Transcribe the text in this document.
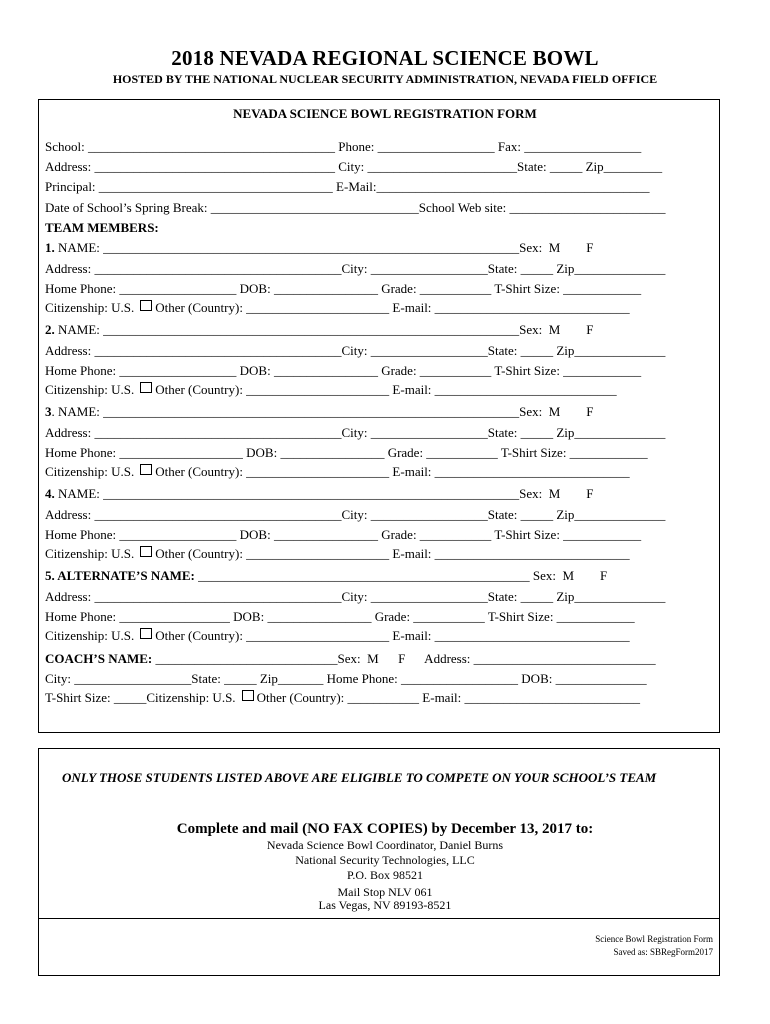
2018 NEVADA REGIONAL SCIENCE BOWL
HOSTED BY THE NATIONAL NUCLEAR SECURITY ADMINISTRATION, NEVADA FIELD OFFICE
NEVADA SCIENCE BOWL REGISTRATION FORM
School: ______________________________________ Phone: __________________ Fax: __________________
Address: _____________________________________ City: _______________________State: _____ Zip_________
Principal: ____________________________________ E-Mail:__________________________________________
Date of School’s Spring Break: ________________________________School Web site: ________________________
TEAM MEMBERS:
1. NAME: ________________________________________________________________Sex:  M        F
Address: ______________________________________City: __________________State: _____ Zip______________
Home Phone: __________________ DOB: ________________ Grade: ___________ T-Shirt Size: ____________
Citizenship: U.S. Other (Country): ______________________ E-mail: ______________________________
2. NAME: ________________________________________________________________Sex:  M        F
Address: ______________________________________City: __________________State: _____ Zip______________
Home Phone: __________________ DOB: ________________ Grade: ___________ T-Shirt Size: ____________
Citizenship: U.S. Other (Country): ______________________ E-mail: ____________________________
3. NAME: ________________________________________________________________Sex:  M        F
Address: ______________________________________City: __________________State: _____ Zip______________
Home Phone: ___________________ DOB: ________________ Grade: ___________ T-Shirt Size: ____________
Citizenship: U.S. Other (Country): ______________________ E-mail: ______________________________
4. NAME: ________________________________________________________________Sex:  M        F
Address: ______________________________________City: __________________State: _____ Zip______________
Home Phone: __________________ DOB: ________________ Grade: ___________ T-Shirt Size: ____________
Citizenship: U.S. Other (Country): ______________________ E-mail: ______________________________
5. ALTERNATE’S NAME: ___________________________________________________ Sex:  M        F
Address: ______________________________________City: __________________State: _____ Zip______________
Home Phone: _________________ DOB: ________________ Grade: ___________ T-Shirt Size: ____________
Citizenship: U.S. Other (Country): ______________________ E-mail: ______________________________
COACH’S NAME: ____________________________Sex:  M      F      Address: ____________________________
City: __________________State: _____ Zip_______ Home Phone: __________________ DOB: ______________
T-Shirt Size: _____Citizenship: U.S. Other (Country): ___________ E-mail: ___________________________
ONLY THOSE STUDENTS LISTED ABOVE ARE ELIGIBLE TO COMPETE ON YOUR SCHOOL’S TEAM
Complete and mail (NO FAX COPIES) by December 13, 2017 to:
Nevada Science Bowl Coordinator, Daniel Burns
National Security Technologies, LLC
P.O. Box 98521
Mail Stop NLV 061
Las Vegas, NV 89193-8521
Science Bowl Registration Form
Saved as: SBRegForm2017
